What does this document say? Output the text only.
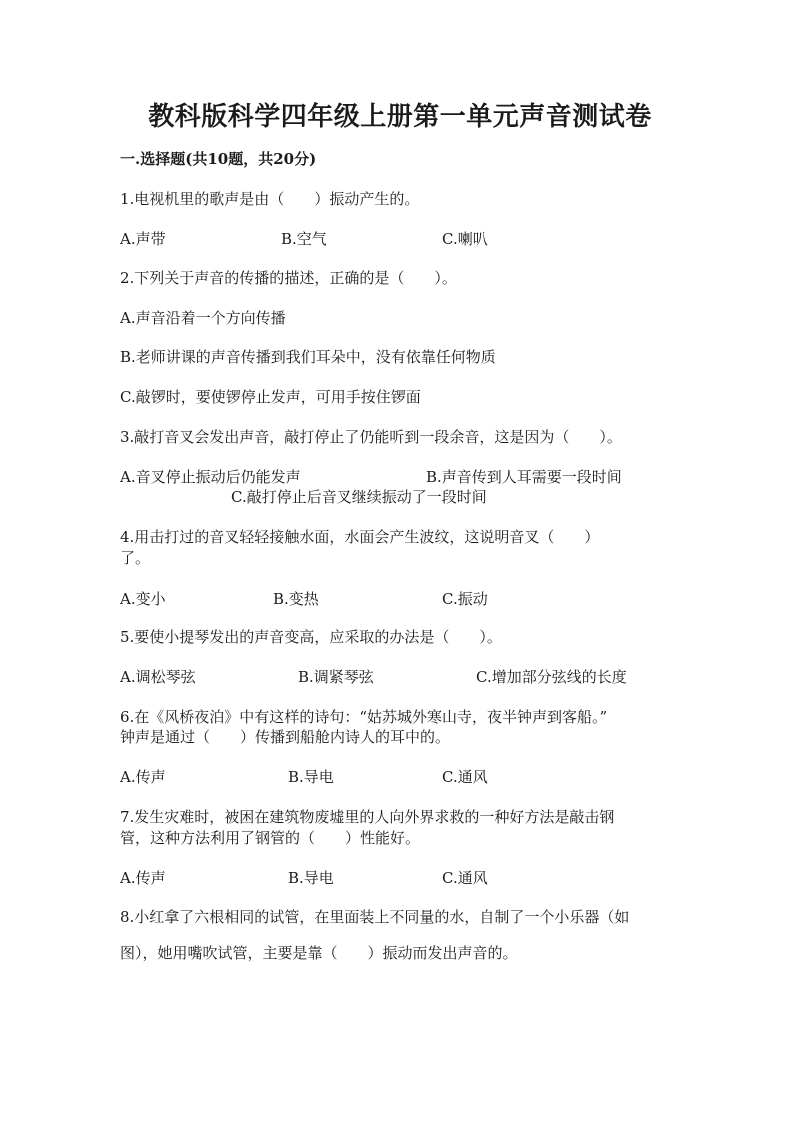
教科版科学四年级上册第一单元声音测试卷
一.选择题(共10题，共20分)
1.电视机里的歌声是由（　　）振动产生的。
A.声带	B.空气	C.喇叭
2.下列关于声音的传播的描述，正确的是（　　）。
A.声音沿着一个方向传播
B.老师讲课的声音传播到我们耳朵中，没有依靠任何物质
C.敲锣时，要使锣停止发声，可用手按住锣面
3.敲打音叉会发出声音，敲打停止了仍能听到一段余音，这是因为（　　）。
A.音叉停止振动后仍能发声	B.声音传到人耳需要一段时间
C.敲打停止后音叉继续振动了一段时间
4.用击打过的音叉轻轻接触水面，水面会产生波纹，这说明音叉（　　）
了。
A.变小	B.变热	C.振动
5.要使小提琴发出的声音变高，应采取的办法是（　　）。
A.调松琴弦	B.调紧琴弦	C.增加部分弦线的长度
6.在《风桥夜泊》中有这样的诗句：“姑苏城外寒山寺，夜半钟声到客船。”
钟声是通过（　　）传播到船舱内诗人的耳中的。
A.传声	B.导电	C.通风
7.发生灾难时，被困在建筑物废墟里的人向外界求救的一种好方法是敲击钢
管，这种方法利用了钢管的（　　）性能好。
A.传声	B.导电	C.通风
8.小红拿了六根相同的试管，在里面装上不同量的水，自制了一个小乐器（如
图），她用嘴吹试管，主要是靠（　　）振动而发出声音的。
